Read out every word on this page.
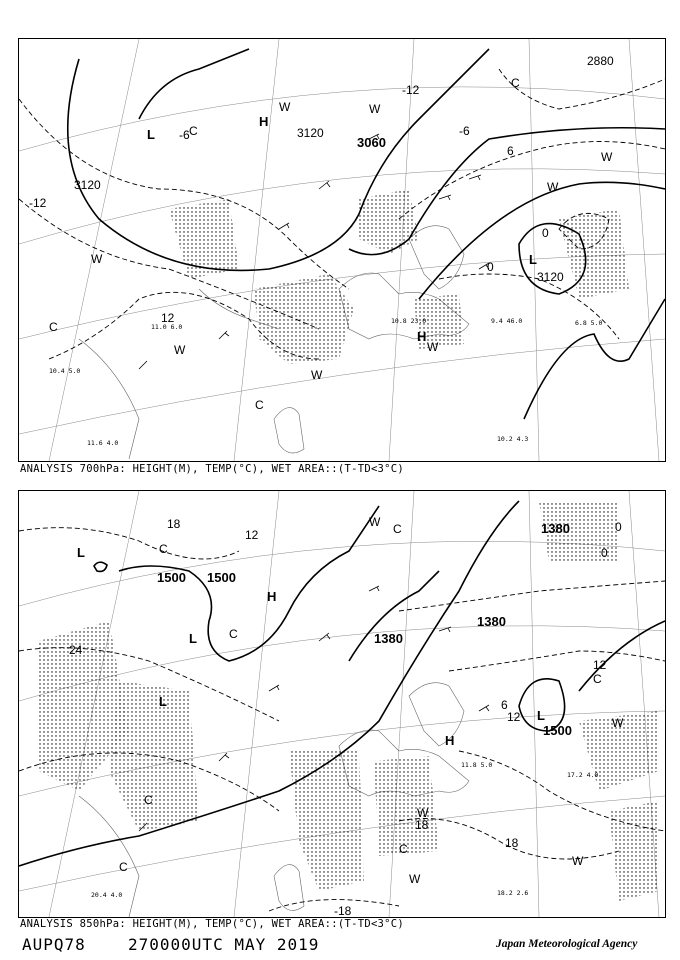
3120
3120
3060
3120
2880
-12
-6
-12
12
6
0
0
-6
L
H
L
H
W
W
C
C
C
W
W
W
C
W
W
W
10.2 4.3
9.4 46.0	6.8 5.0
10.8 23.0
11.6 4.0
11.0 6.0
10.4 5.0
ANALYSIS 700hPa: HEIGHT(M), TEMP(°C), WET AREA::(T-TD<3°C)
1500 1500
1380
1380
1500
1380
18
12
24
6
12
12
18
18
0
0
-18
L
L
H
L
H
L
C
C
C
C
W
W
C
W
W
C
C
W
18.2 2.6
17.2 4.0
11.8 5.0
20.4 4.0
ANALYSIS 850hPa: HEIGHT(M), TEMP(°C), WET AREA::(T-TD<3°C)
AUPQ78	270000UTC MAY 2019	Japan Meteorological Agency
